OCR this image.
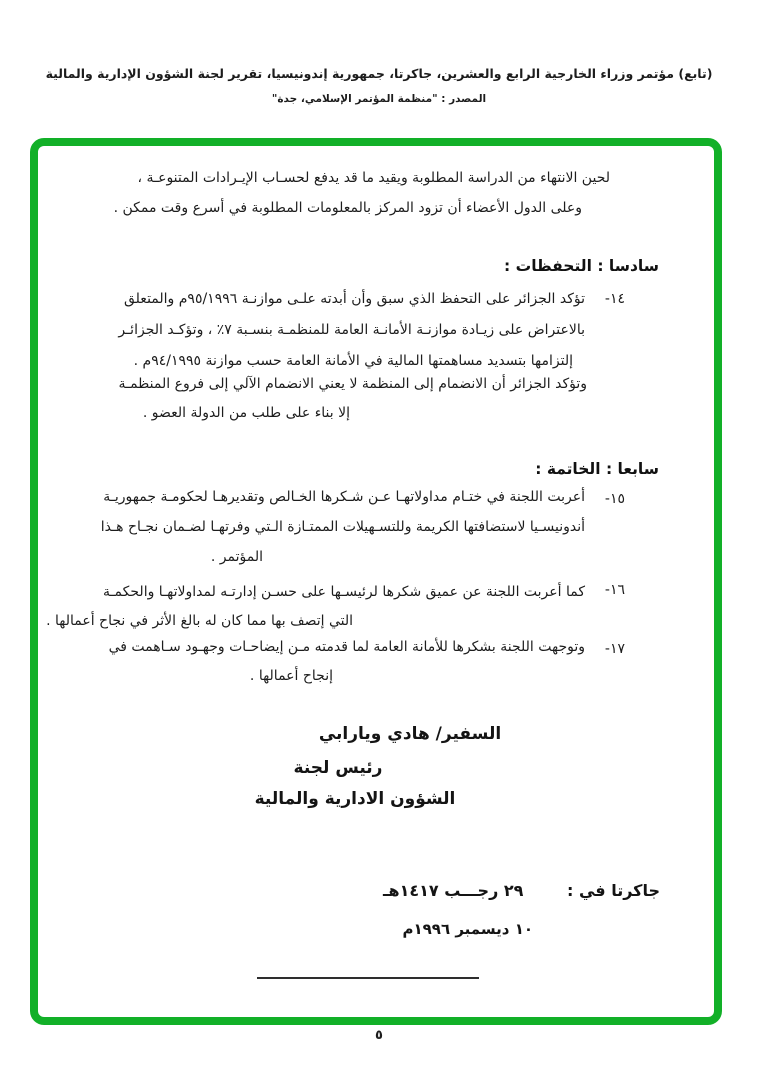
(تابع) مؤتمر وزراء الخارجية الرابع والعشرين، جاكرتا، جمهورية إندونيسيا، تقرير لجنة الشؤون الإدارية والمالية
المصدر : "منظمة المؤتمر الإسلامي، جدة"
لحين الانتهاء من الدراسة المطلوبة ويقيد ما قد يدفع لحسـاب الإيـرادات المتنوعـة ،
وعلى الدول الأعضاء أن تزود المركز بالمعلومات المطلوبة في أسرع وقت ممكن .
سادسا : التحفظات :
١٤-
تؤكد الجزائر على التحفظ الذي سبق وأن أبدته علـى موازنـة ٩٥/١٩٩٦م والمتعلق
بالاعتراض على زيـادة موازنـة الأمانـة العامة للمنظمـة بنسـبة ٧٪ ، وتؤكـد الجزائـر
إلتزامها بتسديد مساهمتها المالية في الأمانة العامة حسب موازنة ٩٤/١٩٩٥م .
وتؤكد الجزائر أن الانضمام إلى المنظمة لا يعني الانضمام الآلي إلى فروع المنظمـة
إلا بناء على طلب من الدولة العضو .
سابعا : الخاتمة :
١٥-
أعربت اللجنة في ختـام مداولاتهـا عـن شـكرها الخـالص وتقديرهـا لحكومـة جمهوريـة
أندونيسـيا لاستضافتها الكريمة وللتسـهيلات الممتـازة الـتي وفرتهـا لضـمان نجـاح هـذا
المؤتمر .
١٦-
كما أعربت اللجنة عن عميق شكرها لرئيسـها على حسـن إدارتـه لمداولاتهـا والحكمـة
التي إتصف بها مما كان له بالغ الأثر في نجاح أعمالها .
١٧-
وتوجهت اللجنة بشكرها للأمانة العامة لما قدمته مـن إيضاحـات وجهـود سـاهمت في
إنجاح أعمالها .
السفير/ هادي ويارابي
رئيس لجنة
الشؤون الادارية والمالية
جاكرتا في :
٢٩ رجـــب ١٤١٧هـ
١٠ ديسمبر ١٩٩٦م
٥
